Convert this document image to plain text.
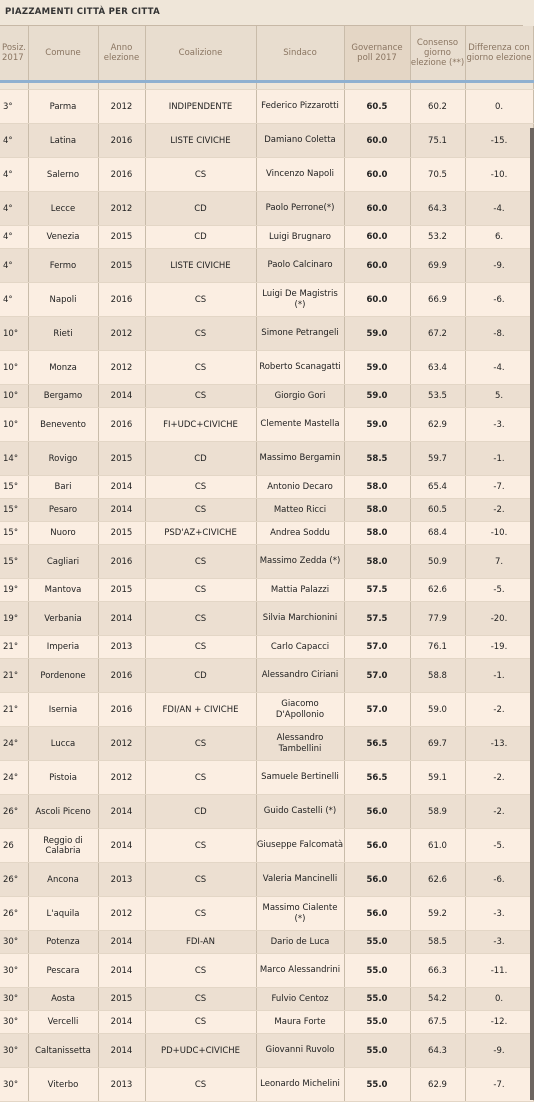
PIAZZAMENTI CITTÀ PER CITTA
Posiz. 2017	Comune	Anno elezione	Coalizione	Sindaco	Governance poll 2017	Consenso giorno elezione (**)	Differenza con giorno elezione

3°	Parma	2012	INDIPENDENTE	Federico Pizzarotti	60.5	60.2	0.
4°	Latina	2016	LISTE CIVICHE	Damiano Coletta	60.0	75.1	-15.
4°	Salerno	2016	CS	Vincenzo Napoli	60.0	70.5	-10.
4°	Lecce	2012	CD	Paolo Perrone(*)	60.0	64.3	-4.
4°	Venezia	2015	CD	Luigi Brugnaro	60.0	53.2	6.
4°	Fermo	2015	LISTE CIVICHE	Paolo Calcinaro	60.0	69.9	-9.
4°	Napoli	2016	CS	Luigi De Magistris (*)	60.0	66.9	-6.
10°	Rieti	2012	CS	Simone Petrangeli	59.0	67.2	-8.
10°	Monza	2012	CS	Roberto Scanagatti	59.0	63.4	-4.
10°	Bergamo	2014	CS	Giorgio Gori	59.0	53.5	5.
10°	Benevento	2016	FI+UDC+CIVICHE	Clemente Mastella	59.0	62.9	-3.
14°	Rovigo	2015	CD	Massimo Bergamin	58.5	59.7	-1.
15°	Bari	2014	CS	Antonio Decaro	58.0	65.4	-7.
15°	Pesaro	2014	CS	Matteo Ricci	58.0	60.5	-2.
15°	Nuoro	2015	PSD'AZ+CIVICHE	Andrea Soddu	58.0	68.4	-10.
15°	Cagliari	2016	CS	Massimo Zedda (*)	58.0	50.9	7.
19°	Mantova	2015	CS	Mattia Palazzi	57.5	62.6	-5.
19°	Verbania	2014	CS	Silvia Marchionini	57.5	77.9	-20.
21°	Imperia	2013	CS	Carlo Capacci	57.0	76.1	-19.
21°	Pordenone	2016	CD	Alessandro Ciriani	57.0	58.8	-1.
21°	Isernia	2016	FDI/AN + CIVICHE	Giacomo D'Apollonio	57.0	59.0	-2.
24°	Lucca	2012	CS	Alessandro Tambellini	56.5	69.7	-13.
24°	Pistoia	2012	CS	Samuele Bertinelli	56.5	59.1	-2.
26°	Ascoli Piceno	2014	CD	Guido Castelli (*)	56.0	58.9	-2.
26	Reggio di Calabria	2014	CS	Giuseppe Falcomatà	56.0	61.0	-5.
26°	Ancona	2013	CS	Valeria Mancinelli	56.0	62.6	-6.
26°	L'aquila	2012	CS	Massimo Cialente (*)	56.0	59.2	-3.
30°	Potenza	2014	FDI-AN	Dario de Luca	55.0	58.5	-3.
30°	Pescara	2014	CS	Marco Alessandrini	55.0	66.3	-11.
30°	Aosta	2015	CS	Fulvio Centoz	55.0	54.2	0.
30°	Vercelli	2014	CS	Maura Forte	55.0	67.5	-12.
30°	Caltanissetta	2014	PD+UDC+CIVICHE	Giovanni Ruvolo	55.0	64.3	-9.
30°	Viterbo	2013	CS	Leonardo Michelini	55.0	62.9	-7.
